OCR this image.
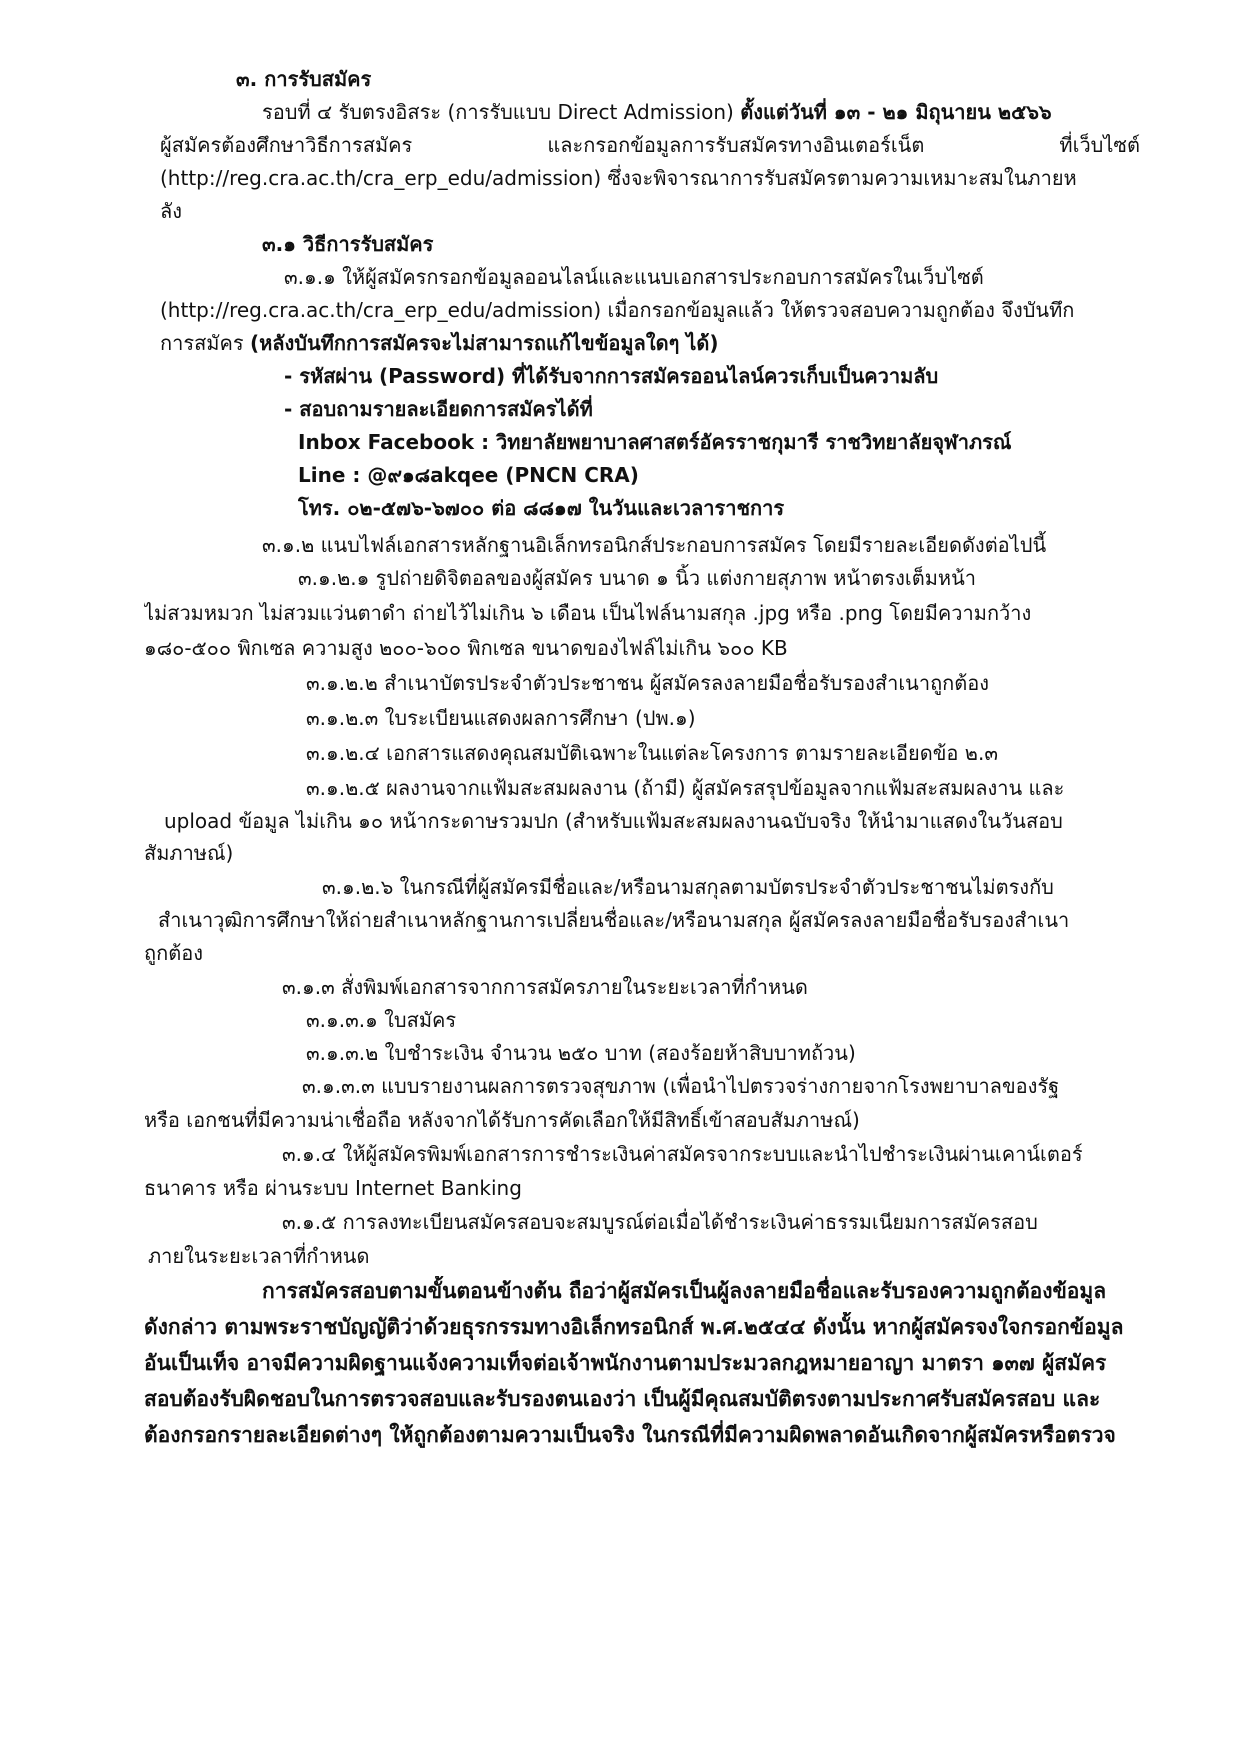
๓. การรับสมัคร
รอบที่ ๔ รับตรงอิสระ (การรับแบบ Direct Admission) ตั้งแต่วันที่ ๑๓ - ๒๑ มิถุนายน ๒๕๖๖
ผู้สมัครต้องศึกษาวิธีการสมัคร	และกรอกข้อมูลการรับสมัครทางอินเตอร์เน็ต	ที่เว็บไซต์
(http://reg.cra.ac.th/cra_erp_edu/admission) ซึ่งจะพิจารณาการรับสมัครตามความเหมาะสมในภายห
ลัง
๓.๑ วิธีการรับสมัคร
๓.๑.๑ ให้ผู้สมัครกรอกข้อมูลออนไลน์และแนบเอกสารประกอบการสมัครในเว็บไซต์
(http://reg.cra.ac.th/cra_erp_edu/admission) เมื่อกรอกข้อมูลแล้ว ให้ตรวจสอบความถูกต้อง จึงบันทึก
การสมัคร (หลังบันทึกการสมัครจะไม่สามารถแก้ไขข้อมูลใดๆ ได้)
- รหัสผ่าน (Password) ที่ได้รับจากการสมัครออนไลน์ควรเก็บเป็นความลับ
- สอบถามรายละเอียดการสมัครได้ที่
Inbox Facebook : วิทยาลัยพยาบาลศาสตร์อัครราชกุมารี ราชวิทยาลัยจุฬาภรณ์
Line : @๙๑๘akqee (PNCN CRA)
โทร. ๐๒-๕๗๖-๖๗๐๐ ต่อ ๘๘๑๗ ในวันและเวลาราชการ
๓.๑.๒ แนบไฟล์เอกสารหลักฐานอิเล็กทรอนิกส์ประกอบการสมัคร โดยมีรายละเอียดดังต่อไปนี้
๓.๑.๒.๑ รูปถ่ายดิจิตอลของผู้สมัคร บนาด ๑ นิ้ว แต่งกายสุภาพ หน้าตรงเต็มหน้า
ไม่สวมหมวก ไม่สวมแว่นตาดำ ถ่ายไว้ไม่เกิน ๖ เดือน เป็นไฟล์นามสกุล .jpg หรือ .png โดยมีความกว้าง
๑๘๐-๕๐๐ พิกเซล ความสูง ๒๐๐-๖๐๐ พิกเซล ขนาดของไฟล์ไม่เกิน ๖๐๐ KB
๓.๑.๒.๒ สำเนาบัตรประจำตัวประชาชน ผู้สมัครลงลายมือชื่อรับรองสำเนาถูกต้อง
๓.๑.๒.๓ ใบระเบียนแสดงผลการศึกษา (ปพ.๑)
๓.๑.๒.๔ เอกสารแสดงคุณสมบัติเฉพาะในแต่ละโครงการ ตามรายละเอียดข้อ ๒.๓
๓.๑.๒.๕ ผลงานจากแฟ้มสะสมผลงาน (ถ้ามี) ผู้สมัครสรุปข้อมูลจากแฟ้มสะสมผลงาน และ
upload ข้อมูล ไม่เกิน ๑๐ หน้ากระดาษรวมปก (สำหรับแฟ้มสะสมผลงานฉบับจริง ให้นำมาแสดงในวันสอบ
สัมภาษณ์)
๓.๑.๒.๖ ในกรณีที่ผู้สมัครมีชื่อและ/หรือนามสกุลตามบัตรประจำตัวประชาชนไม่ตรงกับ
สำเนาวุฒิการศึกษาให้ถ่ายสำเนาหลักฐานการเปลี่ยนชื่อและ/หรือนามสกุล ผู้สมัครลงลายมือชื่อรับรองสำเนา
ถูกต้อง
๓.๑.๓ สั่งพิมพ์เอกสารจากการสมัครภายในระยะเวลาที่กำหนด
๓.๑.๓.๑ ใบสมัคร
๓.๑.๓.๒ ใบชำระเงิน จำนวน ๒๕๐ บาท (สองร้อยห้าสิบบาทถ้วน)
๓.๑.๓.๓ แบบรายงานผลการตรวจสุขภาพ (เพื่อนำไปตรวจร่างกายจากโรงพยาบาลของรัฐ
หรือ เอกชนที่มีความน่าเชื่อถือ หลังจากได้รับการคัดเลือกให้มีสิทธิ์เข้าสอบสัมภาษณ์)
๓.๑.๔ ให้ผู้สมัครพิมพ์เอกสารการชำระเงินค่าสมัครจากระบบและนำไปชำระเงินผ่านเคาน์เตอร์
ธนาคาร หรือ ผ่านระบบ Internet Banking
๓.๑.๕ การลงทะเบียนสมัครสอบจะสมบูรณ์ต่อเมื่อได้ชำระเงินค่าธรรมเนียมการสมัครสอบ
ภายในระยะเวลาที่กำหนด
การสมัครสอบตามขั้นตอนข้างต้น ถือว่าผู้สมัครเป็นผู้ลงลายมือชื่อและรับรองความถูกต้องข้อมูล
ดังกล่าว ตามพระราชบัญญัติว่าด้วยธุรกรรมทางอิเล็กทรอนิกส์ พ.ศ.๒๕๔๔ ดังนั้น หากผู้สมัครจงใจกรอกข้อมูล
อันเป็นเท็จ อาจมีความผิดฐานแจ้งความเท็จต่อเจ้าพนักงานตามประมวลกฎหมายอาญา มาตรา ๑๓๗ ผู้สมัคร
สอบต้องรับผิดชอบในการตรวจสอบและรับรองตนเองว่า เป็นผู้มีคุณสมบัติตรงตามประกาศรับสมัครสอบ และ
ต้องกรอกรายละเอียดต่างๆ ให้ถูกต้องตามความเป็นจริง ในกรณีที่มีความผิดพลาดอันเกิดจากผู้สมัครหรือตรวจ
